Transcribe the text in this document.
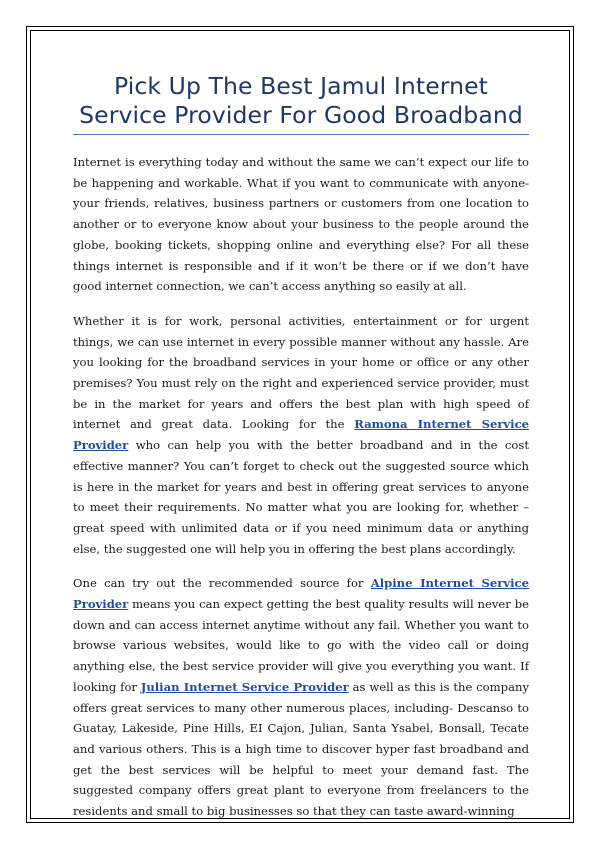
Pick Up The Best Jamul Internet Service Provider For Good Broadband

Internet is everything today and without the same we can’t expect our life to be happening and workable. What if you want to communicate with anyone- your friends, relatives, business partners or customers from one location to another or to everyone know about your business to the people around the globe, booking tickets, shopping online and everything else? For all these things internet is responsible and if it won’t be there or if we don’t have good internet connection, we can’t access anything so easily at all.

Whether it is for work, personal activities, entertainment or for urgent things, we can use internet in every possible manner without any hassle. Are you looking for the broadband services in your home or office or any other premises? You must rely on the right and experienced service provider, must be in the market for years and offers the best plan with high speed of internet and great data. Looking for the Ramona Internet Service Provider who can help you with the better broadband and in the cost effective manner? You can’t forget to check out the suggested source which is here in the market for years and best in offering great services to anyone to meet their requirements. No matter what you are looking for, whether – great speed with unlimited data or if you need minimum data or anything else, the suggested one will help you in offering the best plans accordingly.

One can try out the recommended source for Alpine Internet Service Provider means you can expect getting the best quality results will never be down and can access internet anytime without any fail. Whether you want to browse various websites, would like to go with the video call or doing anything else, the best service provider will give you everything you want. If looking for Julian Internet Service Provider as well as this is the company offers great services to many other numerous places, including- Descanso to Guatay, Lakeside, Pine Hills, EI Cajon, Julian, Santa Ysabel, Bonsall, Tecate and various others. This is a high time to discover hyper fast broadband and get the best services will be helpful to meet your demand fast. The suggested company offers great plant to everyone from freelancers to the residents and small to big businesses so that they can taste award-winning
